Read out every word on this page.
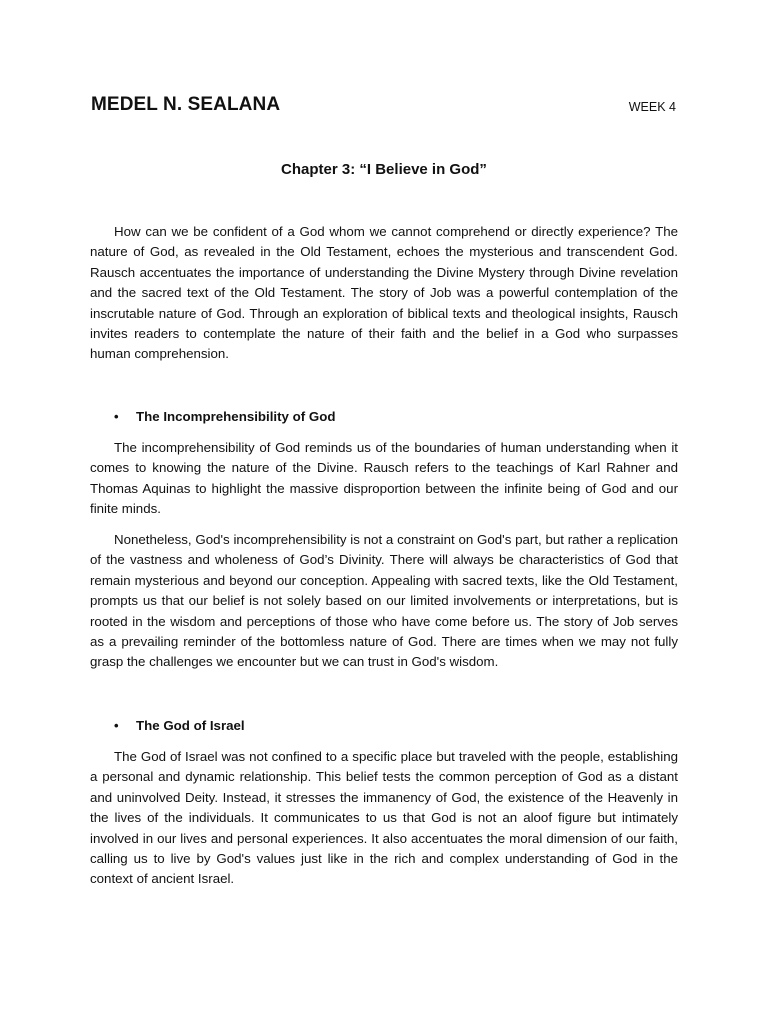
MEDEL N. SEALANA	WEEK 4
Chapter 3: “I Believe in God”

How can we be confident of a God whom we cannot comprehend or directly experience? The nature of God, as revealed in the Old Testament, echoes the mysterious and transcendent God. Rausch accentuates the importance of understanding the Divine Mystery through Divine revelation and the sacred text of the Old Testament. The story of Job was a powerful contemplation of the inscrutable nature of God. Through an exploration of biblical texts and theological insights, Rausch invites readers to contemplate the nature of their faith and the belief in a God who surpasses human comprehension.

•	The Incomprehensibility of God

The incomprehensibility of God reminds us of the boundaries of human understanding when it comes to knowing the nature of the Divine. Rausch refers to the teachings of Karl Rahner and Thomas Aquinas to highlight the massive disproportion between the infinite being of God and our finite minds.

Nonetheless, God's incomprehensibility is not a constraint on God's part, but rather a replication of the vastness and wholeness of God’s Divinity. There will always be characteristics of God that remain mysterious and beyond our conception. Appealing with sacred texts, like the Old Testament, prompts us that our belief is not solely based on our limited involvements or interpretations, but is rooted in the wisdom and perceptions of those who have come before us. The story of Job serves as a prevailing reminder of the bottomless nature of God. There are times when we may not fully grasp the challenges we encounter but we can trust in God's wisdom.

•	The God of Israel

The God of Israel was not confined to a specific place but traveled with the people, establishing a personal and dynamic relationship. This belief tests the common perception of God as a distant and uninvolved Deity. Instead, it stresses the immanency of God, the existence of the Heavenly in the lives of the individuals. It communicates to us that God is not an aloof figure but intimately involved in our lives and personal experiences. It also accentuates the moral dimension of our faith, calling us to live by God's values just like in the rich and complex understanding of God in the context of ancient Israel.
